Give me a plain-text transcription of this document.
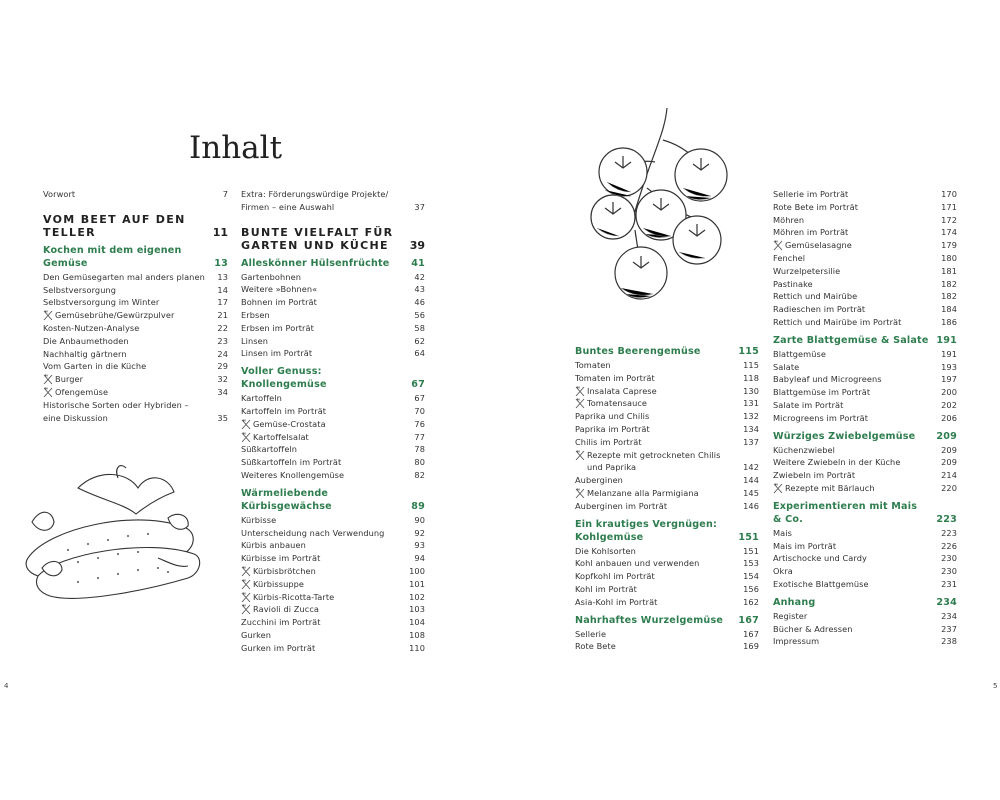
Inhalt
Vorwort	7
VOM BEET AUF DEN TELLER	11
Kochen mit dem eigenen Gemüse	13
Den Gemüsegarten mal anders planen 13
Selbstversorgung	14
Selbstversorgung im Winter	17
Gemüsebrühe/Gewürzpulver	21
Kosten-Nutzen-Analyse	22
Die Anbaumethoden	23
Nachhaltig gärtnern	24
Vom Garten in die Küche	29
Burger	32
Ofengemüse	34
Historische Sorten oder Hybriden – eine Diskussion	35
Extra: Förderungswürdige Projekte/ Firmen – eine Auswahl	37
BUNTE VIELFALT FÜR GARTEN UND KÜCHE 39
Alleskönner Hülsenfrüchte 41
Gartenbohnen	42
Weitere »Bohnen«	43
Bohnen im Porträt	46
Erbsen	56
Erbsen im Porträt	58
Linsen	62
Linsen im Porträt	64
Voller Genuss: Knollengemüse	67
Kartoffeln	67
Kartoffeln im Porträt	70
Gemüse-Crostata	76
Kartoffelsalat	77
Süßkartoffeln	78
Süßkartoffeln im Porträt	80
Weiteres Knollengemüse	82
Wärmeliebende Kürbisgewächse	89
Kürbisse	90
Unterscheidung nach Verwendung	92
Kürbis anbauen	93
Kürbisse im Porträt	94
Kürbisbrötchen	100
Kürbissuppe	101
Kürbis-Ricotta-Tarte	102
Ravioli di Zucca	103
Zucchini im Porträt	104
Gurken	108
Gurken im Porträt	110
Buntes Beerengemüse	115
Tomaten	115
Tomaten im Porträt	118
Insalata Caprese	130
Tomatensauce	131
Paprika und Chilis	132
Paprika im Porträt	134
Chilis im Porträt	137
Rezepte mit getrockneten Chilis und Paprika	142
Auberginen	144
Melanzane alla Parmigiana	145
Auberginen im Porträt	146
Ein krautiges Vergnügen: Kohlgemüse	151
Die Kohlsorten	151
Kohl anbauen und verwenden	153
Kopfkohl im Porträt	154
Kohl im Porträt	156
Asia-Kohl im Porträt	162
Nahrhaftes Wurzelgemüse 167
Sellerie	167
Rote Bete	169
Sellerie im Porträt	170
Rote Bete im Porträt	171
Möhren	172
Möhren im Porträt	174
Gemüselasagne	179
Fenchel	180
Wurzelpetersilie	181
Pastinake	182
Rettich und Mairübe	182
Radieschen im Porträt	184
Rettich und Mairübe im Porträt	186
Zarte Blattgemüse & Salate 191
Blattgemüse	191
Salate	193
Babyleaf und Microgreens	197
Blattgemüse im Porträt	200
Salate im Porträt	202
Microgreens im Porträt	206
Würziges Zwiebelgemüse 209
Küchenzwiebel	209
Weitere Zwiebeln in der Küche	209
Zwiebeln im Porträt	214
Rezepte mit Bärlauch	220
Experimentieren mit Mais & Co.	223
Mais	223
Mais im Porträt	226
Artischocke und Cardy	230
Okra	230
Exotische Blattgemüse	231
Anhang	234
Register	234
Bücher & Adressen	237
Impressum	238
4	5
